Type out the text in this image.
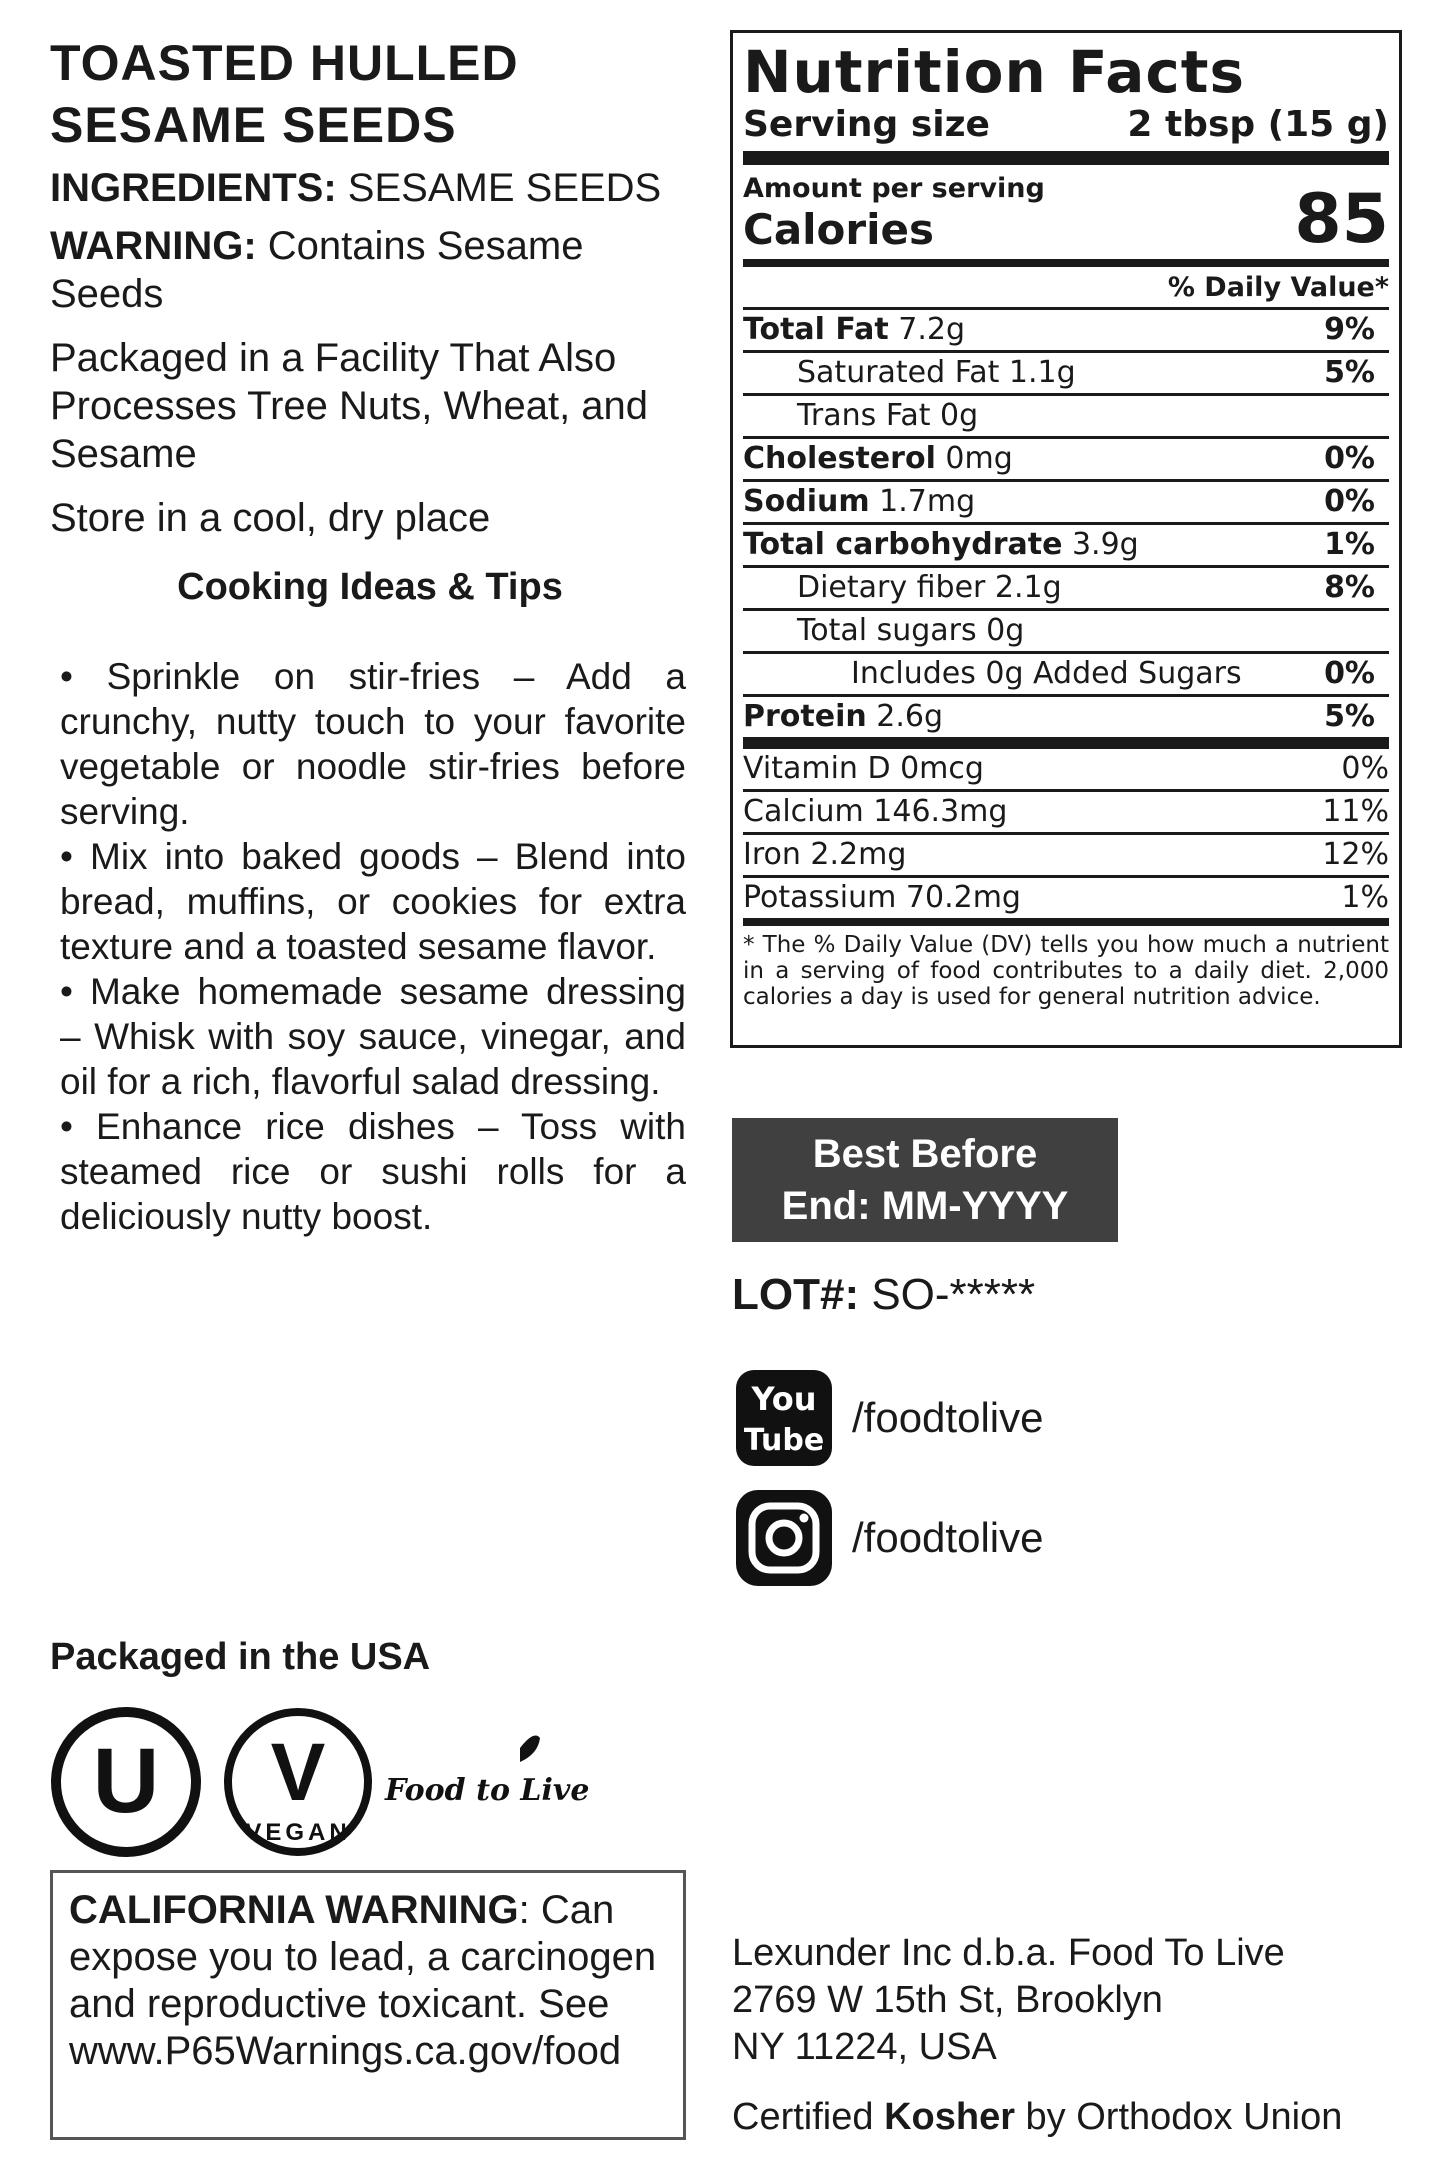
TOASTED HULLED
SESAME SEEDS
INGREDIENTS: SESAME SEEDS
WARNING: Contains Sesame Seeds
Packaged in a Facility That Also Processes Tree Nuts, Wheat, and Sesame
Store in a cool, dry place
Cooking Ideas & Tips

• Sprinkle on stir-fries – Add a crunchy, nutty touch to your favorite vegetable or noodle stir-fries before serving.

• Mix into baked goods – Blend into bread, muffins, or cookies for extra texture and a toasted sesame flavor.

• Make homemade sesame dressing – Whisk with soy sauce, vinegar, and oil for a rich, flavorful salad dressing.

• Enhance rice dishes – Toss with steamed rice or sushi rolls for a deliciously nutty boost.

Packaged in the USA
U V
VEGAN
Food to Live
CALIFORNIA WARNING: Can expose you to lead, a carcinogen and reproductive toxicant. See www.P65Warnings.ca.gov/food
Nutrition Facts
Serving size	2 tbsp (15 g)
Amount per serving
Calories	85
% Daily Value*
Total Fat 7.2g	9%
Saturated Fat 1.1g	5%
Trans Fat 0g
Cholesterol 0mg	0%
Sodium 1.7mg	0%
Total carbohydrate 3.9g	1%
Dietary fiber 2.1g	8%
Total sugars 0g
Includes 0g Added Sugars	0%
Protein 2.6g	5%
Vitamin D 0mcg	0%
Calcium 146.3mg	11%
Iron 2.2mg	12%
Potassium 70.2mg	1%
* The % Daily Value (DV) tells you how much a nutrient in a serving of food contributes to a daily diet. 2,000 calories a day is used for general nutrition advice.
Best Before
End: MM-YYYY
LOT#: SO-*****
You
Tube /foodtolive
/foodtolive
Lexunder Inc d.b.a. Food To Live
2769 W 15th St, Brooklyn
NY 11224, USA
Certified Kosher by Orthodox Union
